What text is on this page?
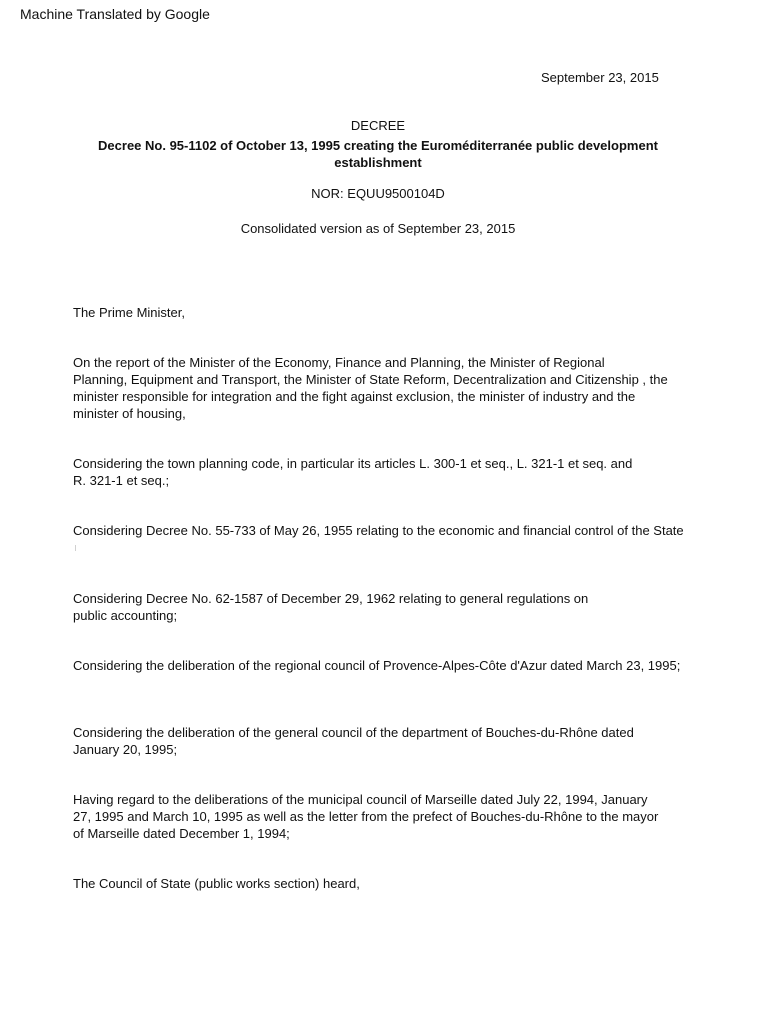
Machine Translated by Google

September 23, 2015

DECREE

Decree No. 95-1102 of October 13, 1995 creating the Euroméditerranée public development
establishment

NOR: EQUU9500104D

Consolidated version as of September 23, 2015

The Prime Minister,
On the report of the Minister of the Economy, Finance and Planning, the Minister of Regional
Planning, Equipment and Transport, the Minister of State Reform, Decentralization and Citizenship , the
minister responsible for integration and the fight against exclusion, the minister of industry and the
minister of housing,
Considering the town planning code, in particular its articles L. 300-1 et seq., L. 321-1 et seq. and
R. 321-1 et seq.;
Considering Decree No. 55-733 of May 26, 1955 relating to the economic and financial control of the State
Considering Decree No. 62-1587 of December 29, 1962 relating to general regulations on
public accounting;
Considering the deliberation of the regional council of Provence-Alpes-Côte d'Azur dated March 23, 1995;
Considering the deliberation of the general council of the department of Bouches-du-Rhône dated
January 20, 1995;
Having regard to the deliberations of the municipal council of Marseille dated July 22, 1994, January
27, 1995 and March 10, 1995 as well as the letter from the prefect of Bouches-du-Rhône to the mayor
of Marseille dated December 1, 1994;
The Council of State (public works section) heard,
